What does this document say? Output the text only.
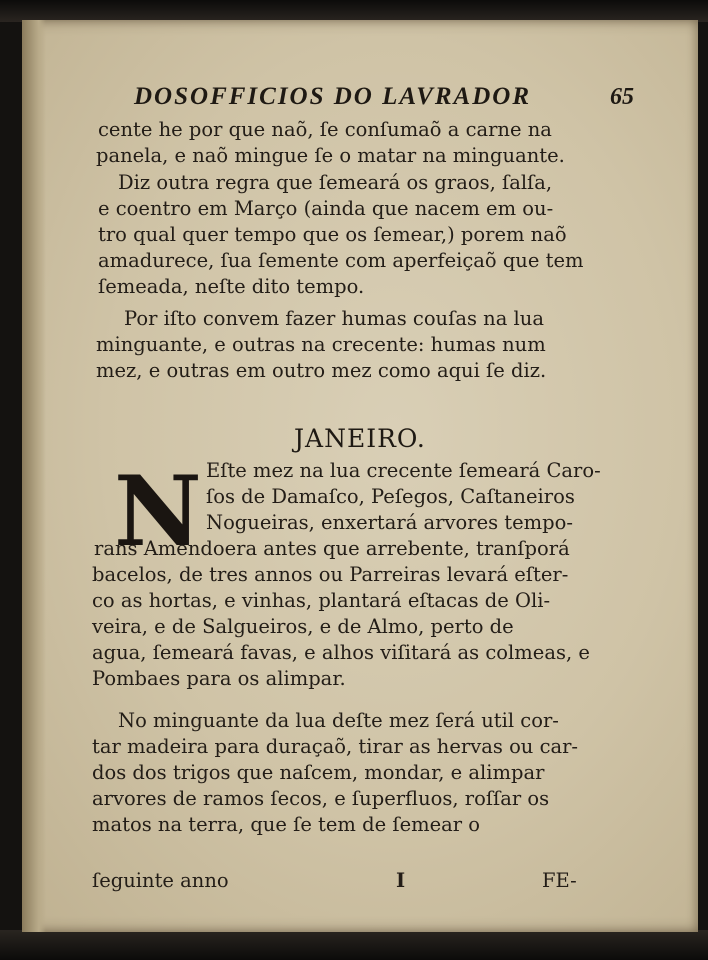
DOSOFFICIOS DO LAVRADOR	65
cente he por que naõ, ſe conſumaõ a carne na
panela, e naõ mingue ſe o matar na minguante.
Diz outra regra que ſemeará os graos, ſalſa,
e coentro em Março (ainda que nacem em ou-
tro qual quer tempo que os ſemear,) porem naõ
amadurece, ſua ſemente com aperfeiçaõ que tem
ſemeada, neſte dito tempo.
Por iſto convem fazer humas couſas na lua
minguante, e outras na crecente: humas num
mez, e outras em outro mez como aqui ſe diz.
JANEIRO.
N Eſte mez na lua crecente ſemeará Caro-
ſos de Damaſco, Peſegos, Caſtaneiros
Nogueiras, enxertará arvores tempo-
rans Amendoera antes que arrebente, tranſporá
bacelos, de tres annos ou Parreiras levará eſter-
co as hortas, e vinhas, plantará eſtacas de Oli-
veira, e de Salgueiros, e de Almo, perto de
agua, ſemeará favas, e alhos viſitará as colmeas, e
Pombaes para os alimpar.
No minguante da lua deſte mez ſerá util cor-
tar madeira para duraçaõ, tirar as hervas ou car-
dos dos trigos que naſcem, mondar, e alimpar
arvores de ramos ſecos, e ſuperfluos, roſſar os
matos na terra, que ſe tem de ſemear o
ſeguinte anno	I	FE-
